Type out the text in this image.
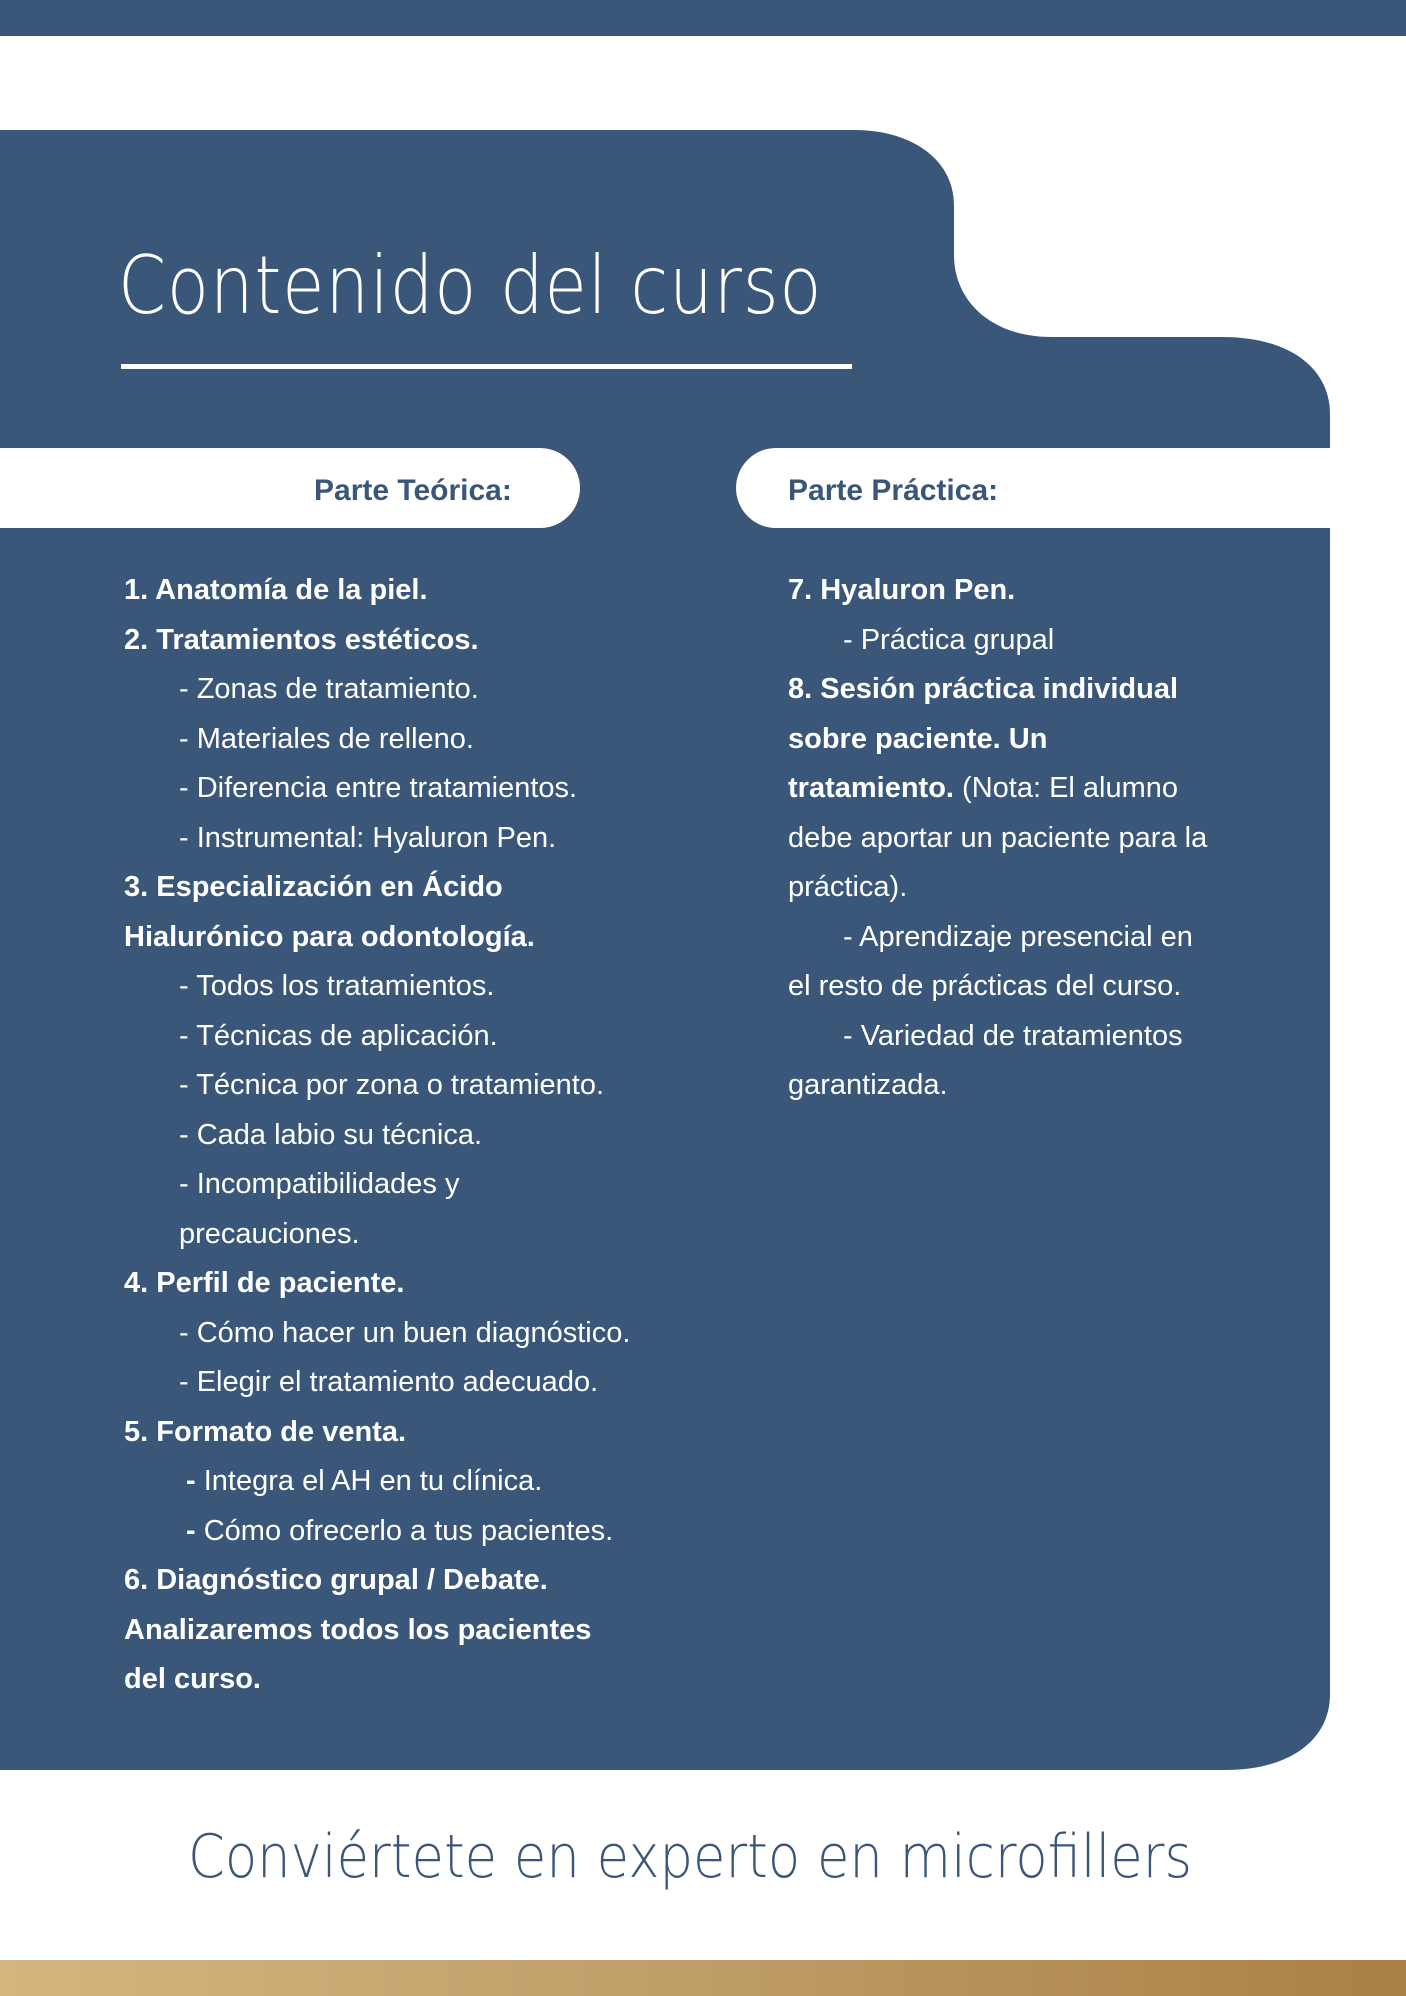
Contenido del curso
Parte Teórica:	Parte Práctica:

1. Anatomía de la piel.

2. Tratamientos estéticos.

- Zonas de tratamiento.

- Materiales de relleno.

- Diferencia entre tratamientos.

- Instrumental: Hyaluron Pen.

3. Especialización en Ácido

Hialurónico para odontología.

- Todos los tratamientos.

- Técnicas de aplicación.

- Técnica por zona o tratamiento.

- Cada labio su técnica.

- Incompatibilidades y

precauciones.

4. Perfil de paciente.

- Cómo hacer un buen diagnóstico.

- Elegir el tratamiento adecuado.

5. Formato de venta.

- Integra el AH en tu clínica.

- Cómo ofrecerlo a tus pacientes.

6. Diagnóstico grupal / Debate.

Analizaremos todos los pacientes

del curso.

7. Hyaluron Pen.

- Práctica grupal

8. Sesión práctica individual

sobre paciente. Un

tratamiento. (Nota: El alumno

debe aportar un paciente para la

práctica).

- Aprendizaje presencial en

el resto de prácticas del curso.

- Variedad de tratamientos

garantizada.

Conviértete en experto en microfillers
